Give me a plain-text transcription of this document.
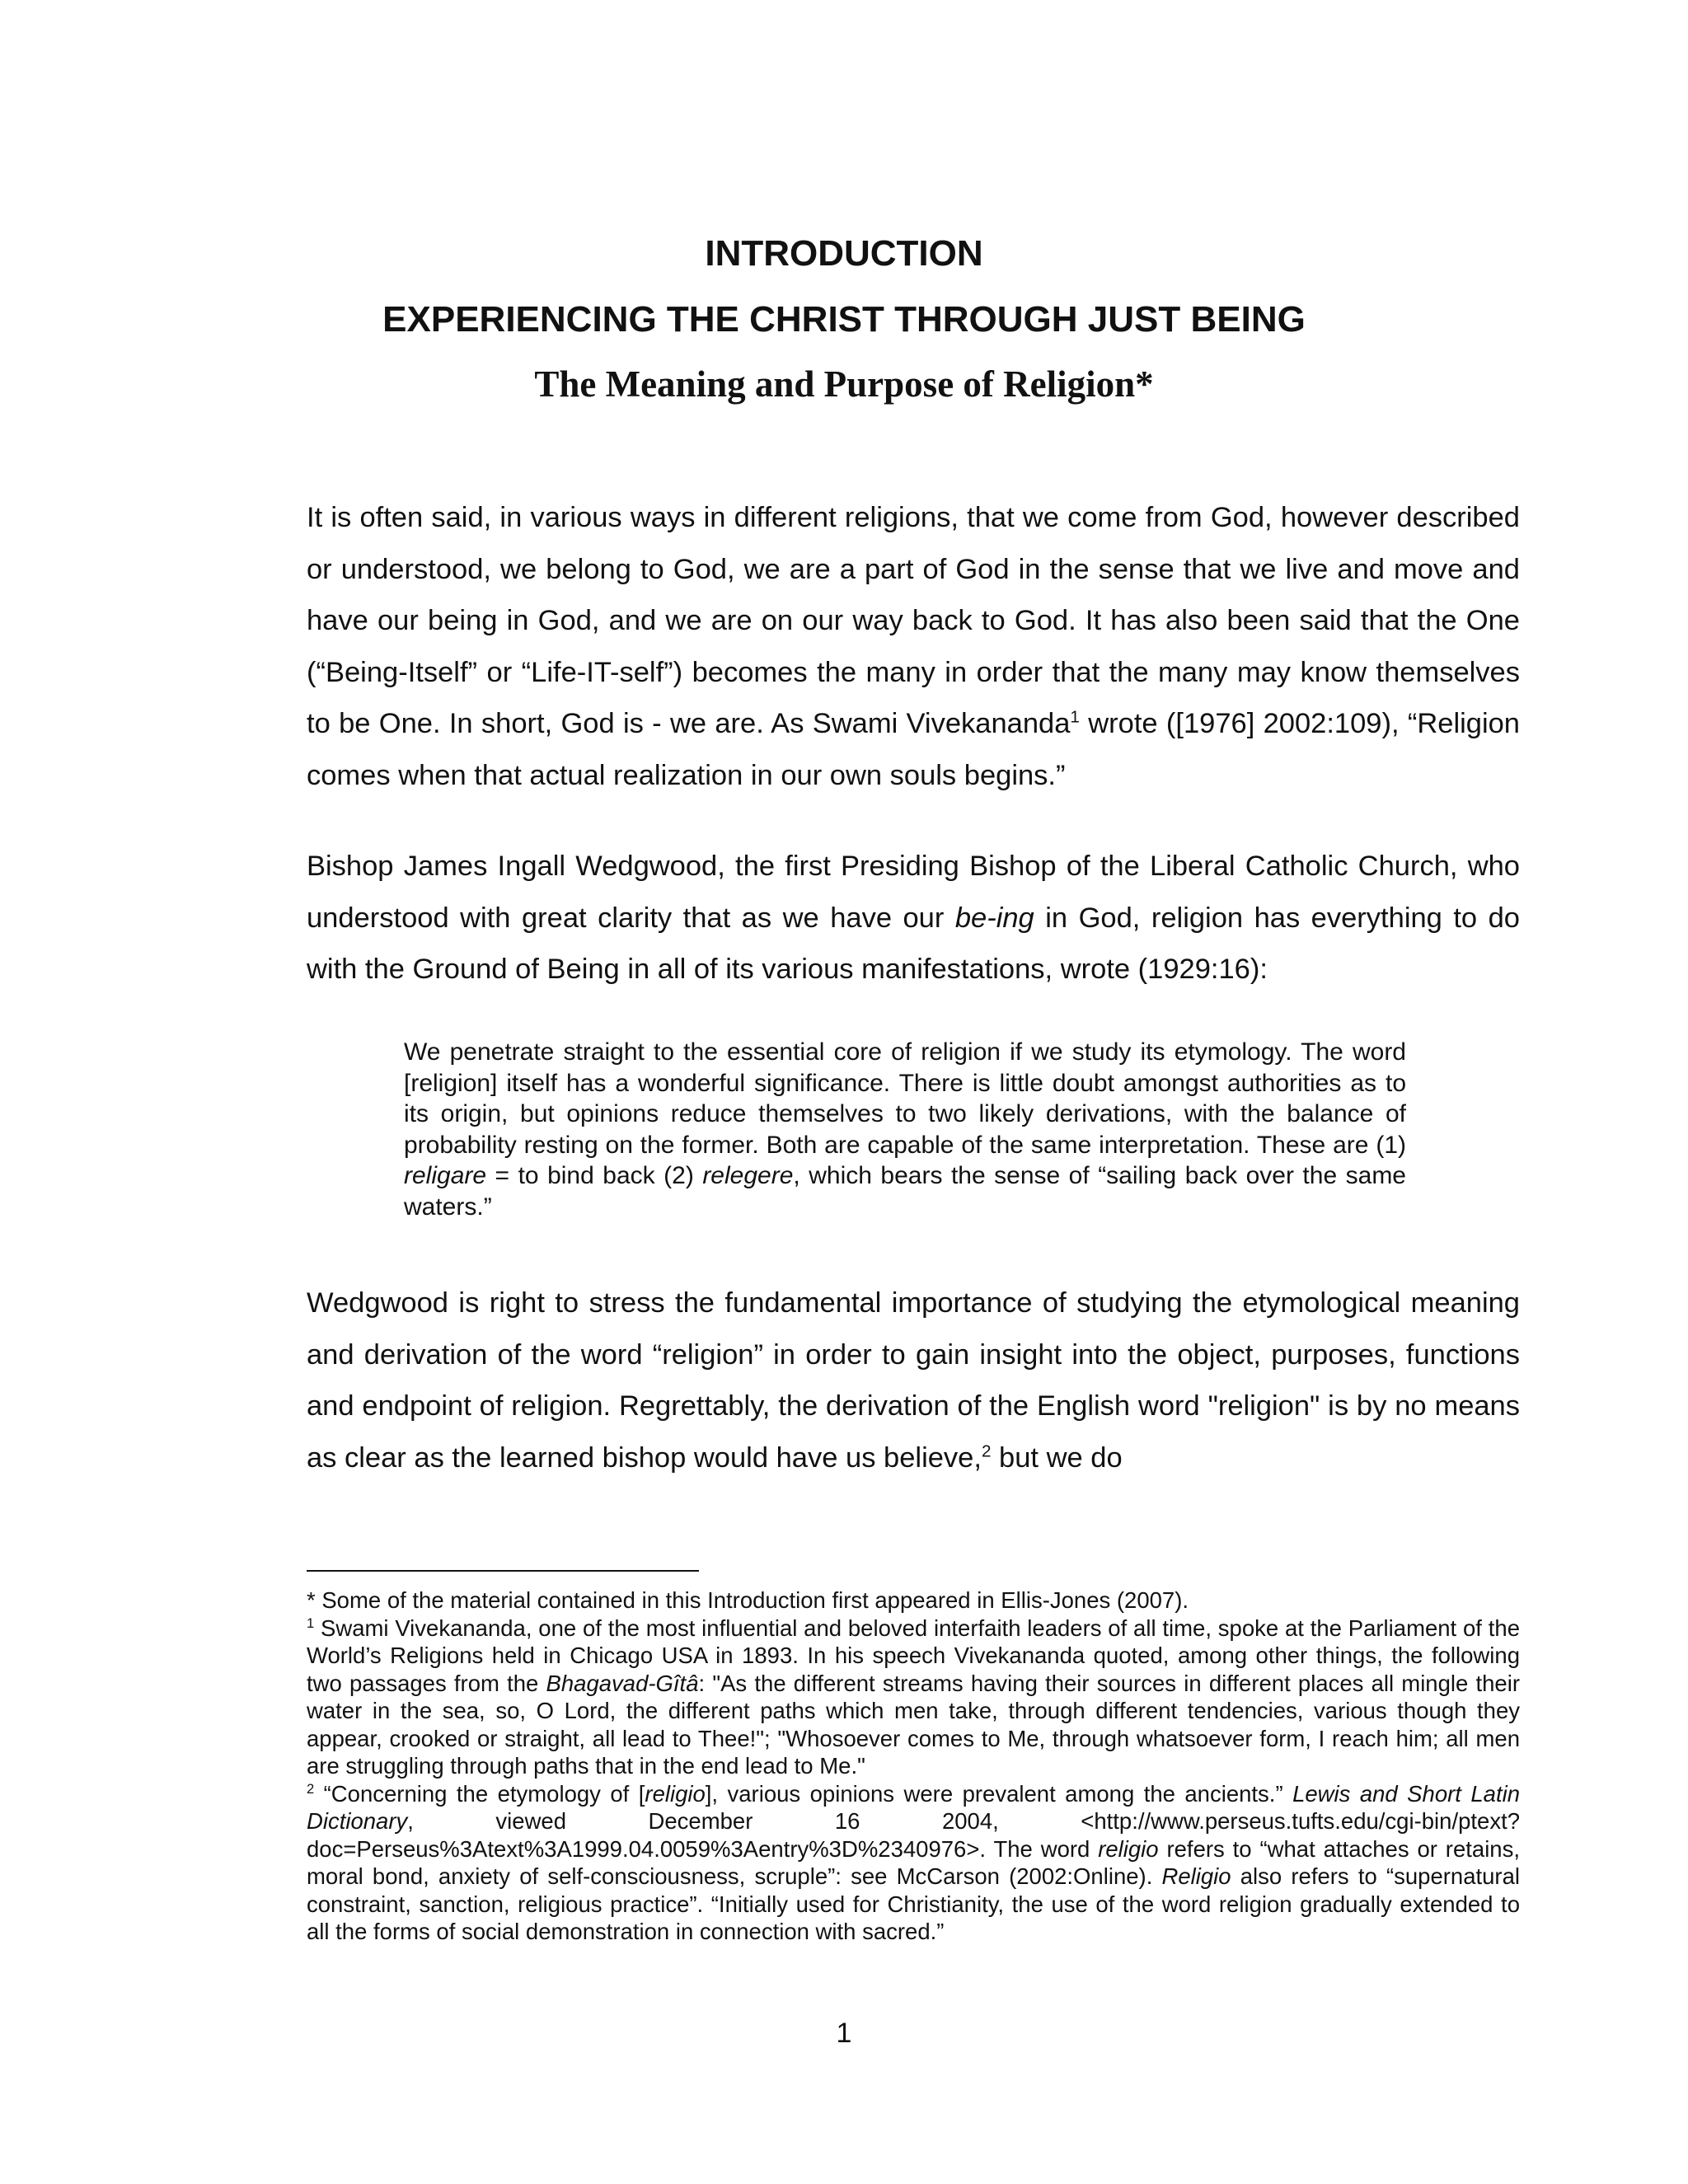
INTRODUCTION
EXPERIENCING THE CHRIST THROUGH JUST BEING
The Meaning and Purpose of Religion*

It is often said, in various ways in different religions, that we come from God, however described or understood, we belong to God, we are a part of God in the sense that we live and move and have our being in God, and we are on our way back to God. It has also been said that the One (“Being-Itself” or “Life-IT-self”) becomes the many in order that the many may know themselves to be One. In short, God is - we are. As Swami Vivekananda$^1$ wrote ([1976] 2002:109), “Religion comes when that actual realization in our own souls begins.”

Bishop James Ingall Wedgwood, the first Presiding Bishop of the Liberal Catholic Church, who understood with great clarity that as we have our be-ing in God, religion has everything to do with the Ground of Being in all of its various manifestations, wrote (1929:16):

We penetrate straight to the essential core of religion if we study its etymology. The word [religion] itself has a wonderful significance. There is little doubt amongst authorities as to its origin, but opinions reduce themselves to two likely derivations, with the balance of probability resting on the former. Both are capable of the same interpretation. These are (1) religare = to bind back (2) relegere, which bears the sense of “sailing back over the same waters.”

Wedgwood is right to stress the fundamental importance of studying the etymological meaning and derivation of the word “religion” in order to gain insight into the object, purposes, functions and endpoint of religion. Regrettably, the derivation of the English word "religion" is by no means as clear as the learned bishop would have us believe,$^2$ but we do

* Some of the material contained in this Introduction first appeared in Ellis-Jones (2007).

$^1$ Swami Vivekananda, one of the most influential and beloved interfaith leaders of all time, spoke at the Parliament of the World’s Religions held in Chicago USA in 1893. In his speech Vivekananda quoted, among other things, the following two passages from the Bhagavad-Gîtâ: "As the different streams having their sources in different places all mingle their water in the sea, so, O Lord, the different paths which men take, through different tendencies, various though they appear, crooked or straight, all lead to Thee!"; "Whosoever comes to Me, through whatsoever form, I reach him; all men are struggling through paths that in the end lead to Me."

$^2$ “Concerning the etymology of [religio], various opinions were prevalent among the ancients.” Lewis and Short Latin Dictionary, viewed December 16 2004, <http://www.perseus.tufts.edu/cgi-bin/ptext?doc=Perseus%3Atext%3A1999.04.0059%3Aentry%3D%2340976>. The word religio refers to “what attaches or retains, moral bond, anxiety of self-consciousness, scruple”: see McCarson (2002:Online). Religio also refers to “supernatural constraint, sanction, religious practice”. “Initially used for Christianity, the use of the word religion gradually extended to all the forms of social demonstration in connection with sacred.”

1
